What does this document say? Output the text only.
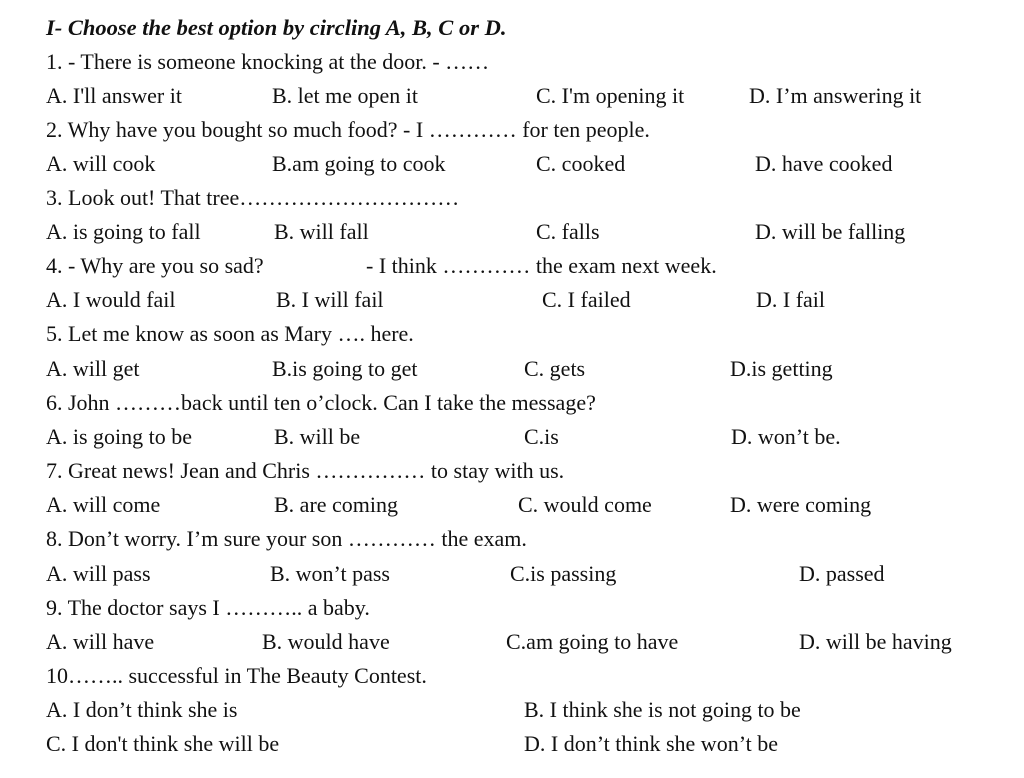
I- Choose the best option by circling A, B, C or D.
1. - There is someone knocking at the door. - ……
A. I'll answer it	B. let me open it	C. I'm opening it	D. I’m answering it
2. Why have you bought so much food? - I ………… for ten people.
A. will cook	B.am going to cook	C. cooked	D. have cooked
3. Look out! That tree…………………………
A. is going to fall	B. will fall	C. falls	D. will be falling
4. - Why are you so sad?	- I think ………… the exam next week.
A. I would fail	B. I will fail	C. I failed	D. I fail
5. Let me know as soon as Mary …. here.
A. will get	B.is going to get	C. gets	D.is getting
6. John ………back until ten o’clock. Can I take the message?
A. is going to be	B. will be	C.is	D. won’t be.
7. Great news! Jean and Chris …………… to stay with us.
A. will come	B. are coming	C. would come	D. were coming
8. Don’t worry. I’m sure your son ………… the exam.
A. will pass	B. won’t pass	C.is passing	D. passed
9. The doctor says I ……….. a baby.
A. will have	B. would have	C.am going to have	D. will be having
10…….. successful in The Beauty Contest.
A. I don’t think she is	B. I think she is not going to be
C. I don't think she will be	D. I don’t think she won’t be
